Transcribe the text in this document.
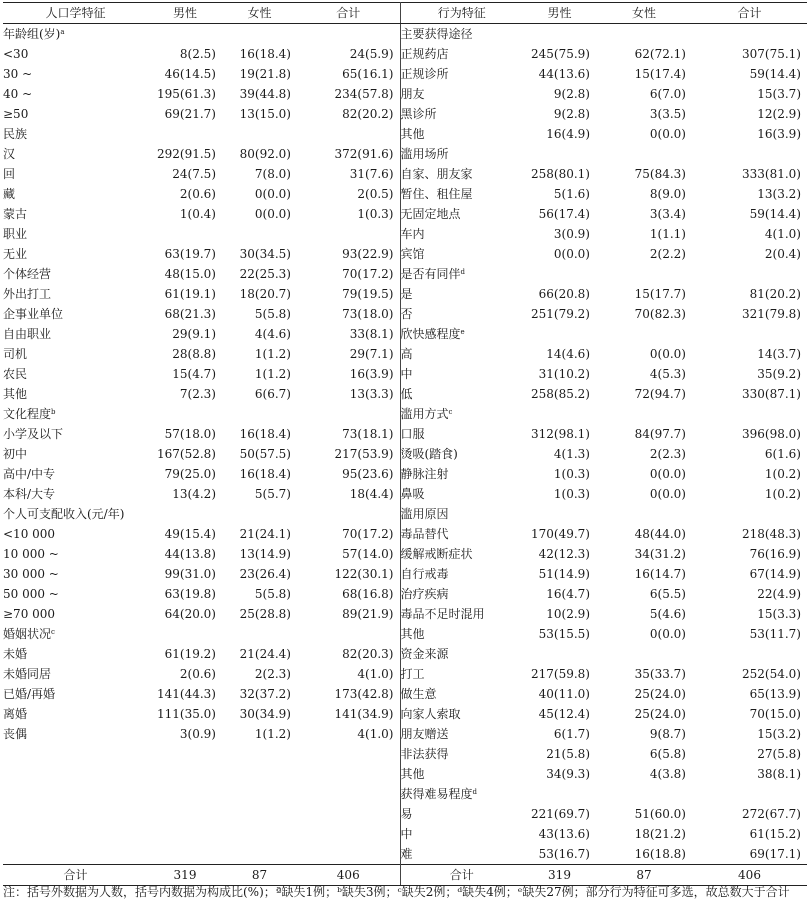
人口学特征	男性	女性	合计	行为特征	男性	女性	合计
年龄组(岁)$^a$				主要获得途径			
<30	8(2.5)	16(18.4)	24(5.9)	正规药店	245(75.9)	62(72.1)	307(75.1)
30 ~	46(14.5)	19(21.8)	65(16.1)	正规诊所	44(13.6)	15(17.4)	59(14.4)
40 ~	195(61.3)	39(44.8)	234(57.8)	朋友	9(2.8)	6(7.0)	15(3.7)
≥50	69(21.7)	13(15.0)	82(20.2)	黑诊所	9(2.8)	3(3.5)	12(2.9)
民族				其他	16(4.9)	0(0.0)	16(3.9)
汉	292(91.5)	80(92.0)	372(91.6)	滥用场所			
回	24(7.5)	7(8.0)	31(7.6)	自家、朋友家	258(80.1)	75(84.3)	333(81.0)
藏	2(0.6)	0(0.0)	2(0.5)	暂住、租住屋	5(1.6)	8(9.0)	13(3.2)
蒙古	1(0.4)	0(0.0)	1(0.3)	无固定地点	56(17.4)	3(3.4)	59(14.4)
职业				车内	3(0.9)	1(1.1)	4(1.0)
无业	63(19.7)	30(34.5)	93(22.9)	宾馆	0(0.0)	2(2.2)	2(0.4)
个体经营	48(15.0)	22(25.3)	70(17.2)	是否有同伴$^d$			
外出打工	61(19.1)	18(20.7)	79(19.5)	是	66(20.8)	15(17.7)	81(20.2)
企事业单位	68(21.3)	5(5.8)	73(18.0)	否	251(79.2)	70(82.3)	321(79.8)
自由职业	29(9.1)	4(4.6)	33(8.1)	欣快感程度$^e$			
司机	28(8.8)	1(1.2)	29(7.1)	高	14(4.6)	0(0.0)	14(3.7)
农民	15(4.7)	1(1.2)	16(3.9)	中	31(10.2)	4(5.3)	35(9.2)
其他	7(2.3)	6(6.7)	13(3.3)	低	258(85.2)	72(94.7)	330(87.1)
文化程度$^b$				滥用方式$^c$			
小学及以下	57(18.0)	16(18.4)	73(18.1)	口服	312(98.1)	84(97.7)	396(98.0)
初中	167(52.8)	50(57.5)	217(53.9)	烫吸(踏食)	4(1.3)	2(2.3)	6(1.6)
高中/中专	79(25.0)	16(18.4)	95(23.6)	静脉注射	1(0.3)	0(0.0)	1(0.2)
本科/大专	13(4.2)	5(5.7)	18(4.4)	鼻吸	1(0.3)	0(0.0)	1(0.2)
个人可支配收入(元/年)				滥用原因			
<10 000	49(15.4)	21(24.1)	70(17.2)	毒品替代	170(49.7)	48(44.0)	218(48.3)
10 000 ~	44(13.8)	13(14.9)	57(14.0)	缓解戒断症状	42(12.3)	34(31.2)	76(16.9)
30 000 ~	99(31.0)	23(26.4)	122(30.1)	自行戒毒	51(14.9)	16(14.7)	67(14.9)
50 000 ~	63(19.8)	5(5.8)	68(16.8)	治疗疾病	16(4.7)	6(5.5)	22(4.9)
≥70 000	64(20.0)	25(28.8)	89(21.9)	毒品不足时混用	10(2.9)	5(4.6)	15(3.3)
婚姻状况$^c$				其他	53(15.5)	0(0.0)	53(11.7)
未婚	61(19.2)	21(24.4)	82(20.3)	资金来源			
未婚同居	2(0.6)	2(2.3)	4(1.0)	打工	217(59.8)	35(33.7)	252(54.0)
已婚/再婚	141(44.3)	32(37.2)	173(42.8)	做生意	40(11.0)	25(24.0)	65(13.9)
离婚	111(35.0)	30(34.9)	141(34.9)	向家人索取	45(12.4)	25(24.0)	70(15.0)
丧偶	3(0.9)	1(1.2)	4(1.0)	朋友赠送	6(1.7)	9(8.7)	15(3.2)
				非法获得	21(5.8)	6(5.8)	27(5.8)
				其他	34(9.3)	4(3.8)	38(8.1)
				获得难易程度$^d$			
				易	221(69.7)	51(60.0)	272(67.7)
				中	43(13.6)	18(21.2)	61(15.2)
				难	53(16.7)	16(18.8)	69(17.1)
合计	319	87	406	合计	319	87	406
注：括号外数据为人数，括号内数据为构成比(%)；ª缺失1例；ᵇ缺失3例；ᶜ缺失2例；ᵈ缺失4例；ᵉ缺失27例；部分行为特征可多选，故总数大于合计
